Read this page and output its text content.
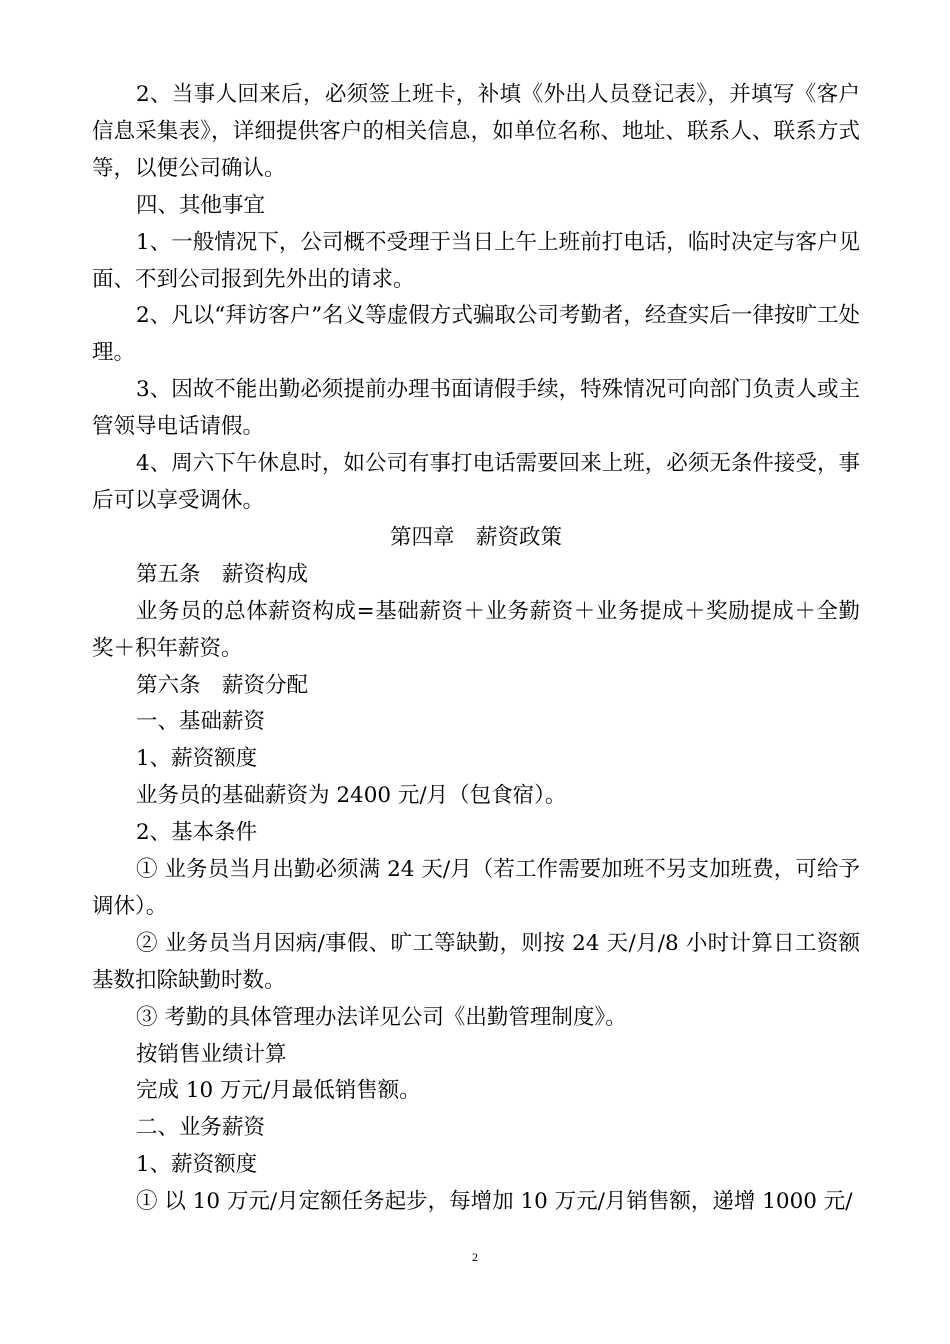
2、当事人回来后，必须签上班卡，补填《外出人员登记表》，并填写《客户信息采集表》，详细提供客户的相关信息，如单位名称、地址、联系人、联系方式等，以便公司确认。

四、其他事宜

1、一般情况下，公司概不受理于当日上午上班前打电话，临时决定与客户见面、不到公司报到先外出的请求。

2、凡以“拜访客户”名义等虚假方式骗取公司考勤者，经查实后一律按旷工处理。

3、因故不能出勤必须提前办理书面请假手续，特殊情况可向部门负责人或主管领导电话请假。

4、周六下午休息时，如公司有事打电话需要回来上班，必须无条件接受，事后可以享受调休。

第四章　薪资政策

第五条　薪资构成

业务员的总体薪资构成=基础薪资＋业务薪资＋业务提成＋奖励提成＋全勤奖＋积年薪资。

第六条　薪资分配

一、基础薪资

1、薪资额度

业务员的基础薪资为 2400 元/月（包食宿）。

2、基本条件

① 业务员当月出勤必须满 24 天/月（若工作需要加班不另支加班费，可给予调休）。

② 业务员当月因病/事假、旷工等缺勤，则按 24 天/月/8 小时计算日工资额基数扣除缺勤时数。

③ 考勤的具体管理办法详见公司《出勤管理制度》。

按销售业绩计算

完成 10 万元/月最低销售额。

二、业务薪资

1、薪资额度

① 以 10 万元/月定额任务起步，每增加 10 万元/月销售额，递增 1000 元/

2
